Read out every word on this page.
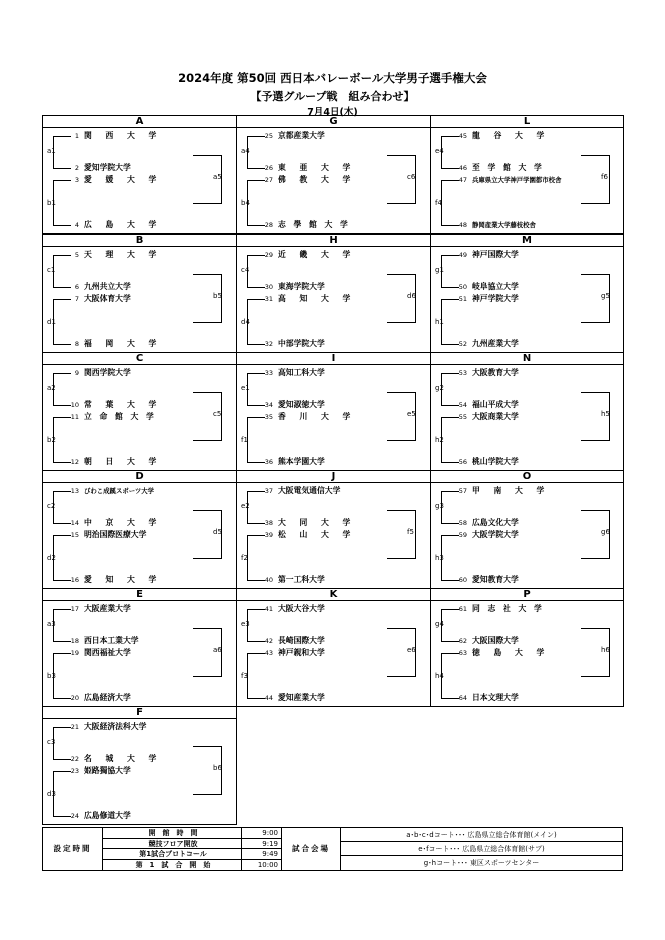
2024年度 第50回 西日本バレーボール大学男子選手権大会
【予選グループ戦　組み合わせ】
7月4日(木)
A
1 関 西 大 学
2 愛知学院大学
3 愛 媛 大 学
4 広 島 大 学
a1
b1
a5
G
25 京都産業大学
26 東 亜 大 学
27 佛 教 大 学
28 志 學 館 大 学
a4
b4
c6
L
45 龍 谷 大 学
46 至 学 館 大 学
47 兵庫県立大学神戸学園都市校舎
48 静岡産業大学藤枝校舎
e4
f4
f6
B
5 天 理 大 学
6 九州共立大学
7 大阪体育大学
8 福 岡 大 学
c1
d1
b5
H
29 近 畿 大 学
30 東海学院大学
31 高 知 大 学
32 中部学院大学
c4
d4
d6
M
49 神戸国際大学
50 岐阜協立大学
51 神戸学院大学
52 九州産業大学
g1
h1
g5
C
9 関西学院大学
10 常 葉 大 学
11 立 命 館 大 学
12 朝 日 大 学
a2
b2
c5
I
33 高知工科大学
34 愛知淑徳大学
35 香 川 大 学
36 熊本学園大学
e1
f1
e5
N
53 大阪教育大学
54 福山平成大学
55 大阪商業大学
56 桃山学院大学
g2
h2
h5
D
13 びわこ成蹊スポーツ大学
14 中 京 大 学
15 明治国際医療大学
16 愛 知 大 学
c2
d2
d5
J
37 大阪電気通信大学
38 大 同 大 学
39 松 山 大 学
40 第一工科大学
e2
f2
f5
O
57 甲 南 大 学
58 広島文化大学
59 大阪学院大学
60 愛知教育大学
g3
h3
g6
E
17 大阪産業大学
18 西日本工業大学
19 関西福祉大学
20 広島経済大学
a3
b3
a6
K
41 大阪大谷大学
42 長崎国際大学
43 神戸親和大学
44 愛知産業大学
e3
f3
e6
P
61 同 志 社 大 学
62 大阪国際大学
63 徳 島 大 学
64 日本文理大学
g4
h4
h6
F
21 大阪経済法科大学
22 名 城 大 学
23 姫路獨協大学
24 広島修道大学
c3
d3
b6
設定時間
開　館　時　間	9:00
競技フロア開放	9:19
第1試合プロトコール	9:49
第　1　試　合　開　始	10:00
試合会場
a･b･c･dコート･･･ 広島県立総合体育館(メイン)
e･fコート･･･ 広島県立総合体育館(サブ)
g･hコート･･･ 東区スポーツセンター
